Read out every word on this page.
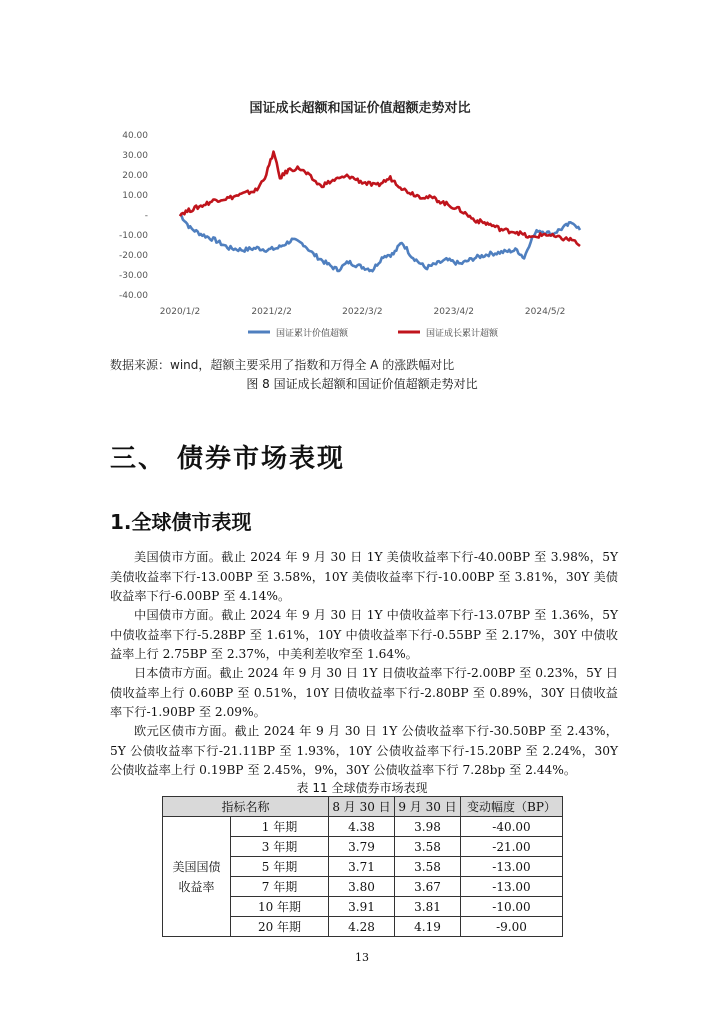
国证成长超额和国证价值超额走势对比
40.00
30.00
20.00
10.00
-
-10.00
-20.00
-30.00
-40.00
2020/1/2	2021/2/2	2022/3/2	2023/4/2	2024/5/2
国证累计价值超额	国证成长累计超额
数据来源：wind，超额主要采用了指数和万得全 A 的涨跌幅对比
图 8 国证成长超额和国证价值超额走势对比
三、 债券市场表现
1.全球债市表现

美国债市方面。截止 2024 年 9 月 30 日 1Y 美债收益率下行-40.00BP 至 3.98%，5Y 美债收益率下行-13.00BP 至 3.58%，10Y 美债收益率下行-10.00BP 至 3.81%，30Y 美债收益率下行-6.00BP 至 4.14%。

中国债市方面。截止 2024 年 9 月 30 日 1Y 中债收益率下行-13.07BP 至 1.36%，5Y 中债收益率下行-5.28BP 至 1.61%，10Y 中债收益率下行-0.55BP 至 2.17%，30Y 中债收益率上行 2.75BP 至 2.37%，中美利差收窄至 1.64%。

日本债市方面。截止 2024 年 9 月 30 日 1Y 日债收益率下行-2.00BP 至 0.23%，5Y 日债收益率上行 0.60BP 至 0.51%，10Y 日债收益率下行-2.80BP 至 0.89%，30Y 日债收益率下行-1.90BP 至 2.09%。

欧元区债市方面。截止 2024 年 9 月 30 日 1Y 公债收益率下行-30.50BP 至 2.43%，5Y 公债收益率下行-21.11BP 至 1.93%，10Y 公债收益率下行-15.20BP 至 2.24%，30Y 公债收益率上行 0.19BP 至 2.45%，9%，30Y 公债收益率下行 7.28bp 至 2.44%。

表 11 全球债券市场表现
指标名称		8 月 30 日	9 月 30 日	变动幅度（BP）
美国国债收益率	1 年期	4.38	3.98	-40.00
	3 年期	3.79	3.58	-21.00
	5 年期	3.71	3.58	-13.00
	7 年期	3.80	3.67	-13.00
	10 年期	3.91	3.81	-10.00
	20 年期	4.28	4.19	-9.00
13
